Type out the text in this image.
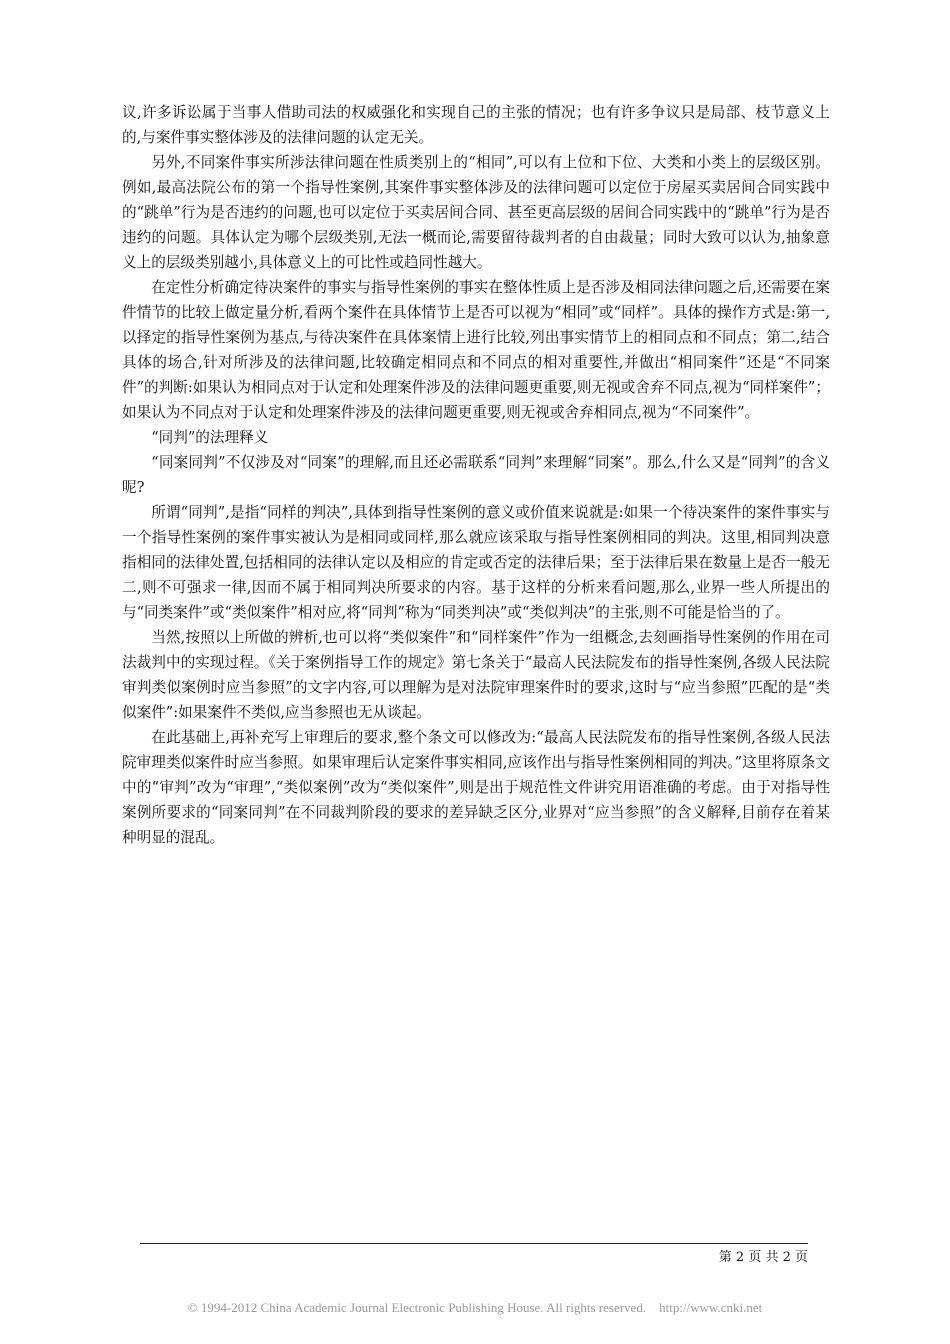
议,许多诉讼属于当事人借助司法的权威强化和实现自己的主张的情况；也有许多争议只是局部、枝节意义上的,与案件事实整体涉及的法律问题的认定无关。

另外,不同案件事实所涉法律问题在性质类别上的“相同”,可以有上位和下位、大类和小类上的层级区别。例如,最高法院公布的第一个指导性案例,其案件事实整体涉及的法律问题可以定位于房屋买卖居间合同实践中的“跳单”行为是否违约的问题,也可以定位于买卖居间合同、甚至更高层级的居间合同实践中的“跳单”行为是否违约的问题。具体认定为哪个层级类别,无法一概而论,需要留待裁判者的自由裁量；同时大致可以认为,抽象意义上的层级类别越小,具体意义上的可比性或趋同性越大。

在定性分析确定待决案件的事实与指导性案例的事实在整体性质上是否涉及相同法律问题之后,还需要在案件情节的比较上做定量分析,看两个案件在具体情节上是否可以视为“相同”或“同样”。具体的操作方式是:第一,以择定的指导性案例为基点,与待决案件在具体案情上进行比较,列出事实情节上的相同点和不同点；第二,结合具体的场合,针对所涉及的法律问题,比较确定相同点和不同点的相对重要性,并做出“相同案件”还是“不同案件”的判断:如果认为相同点对于认定和处理案件涉及的法律问题更重要,则无视或舍弃不同点,视为“同样案件”；如果认为不同点对于认定和处理案件涉及的法律问题更重要,则无视或舍弃相同点,视为“不同案件”。

“同判”的法理释义

“同案同判”不仅涉及对“同案”的理解,而且还必需联系“同判”来理解“同案”。那么,什么又是“同判”的含义呢?

所谓“同判”,是指“同样的判决”,具体到指导性案例的意义或价值来说就是:如果一个待决案件的案件事实与一个指导性案例的案件事实被认为是相同或同样,那么就应该采取与指导性案例相同的判决。这里,相同判决意指相同的法律处置,包括相同的法律认定以及相应的肯定或否定的法律后果；至于法律后果在数量上是否一般无二,则不可强求一律,因而不属于相同判决所要求的内容。基于这样的分析来看问题,那么,业界一些人所提出的与“同类案件”或“类似案件”相对应,将“同判”称为“同类判决”或“类似判决”的主张,则不可能是恰当的了。

当然,按照以上所做的辨析,也可以将“类似案件”和“同样案件”作为一组概念,去刻画指导性案例的作用在司法裁判中的实现过程。《关于案例指导工作的规定》第七条关于“最高人民法院发布的指导性案例,各级人民法院审判类似案例时应当参照”的文字内容,可以理解为是对法院审理案件时的要求,这时与“应当参照”匹配的是“类似案件”:如果案件不类似,应当参照也无从谈起。

在此基础上,再补充写上审理后的要求,整个条文可以修改为:“最高人民法院发布的指导性案例,各级人民法院审理类似案件时应当参照。如果审理后认定案件事实相同,应该作出与指导性案例相同的判决。”这里将原条文中的“审判”改为“审理”,“类似案例”改为“类似案件”,则是出于规范性文件讲究用语准确的考虑。由于对指导性案例所要求的“同案同判”在不同裁判阶段的要求的差异缺乏区分,业界对“应当参照”的含义解释,目前存在着某种明显的混乱。

第 2 页 共 2 页
© 1994-2012 China Academic Journal Electronic Publishing House. All rights reserved.    http://www.cnki.net
